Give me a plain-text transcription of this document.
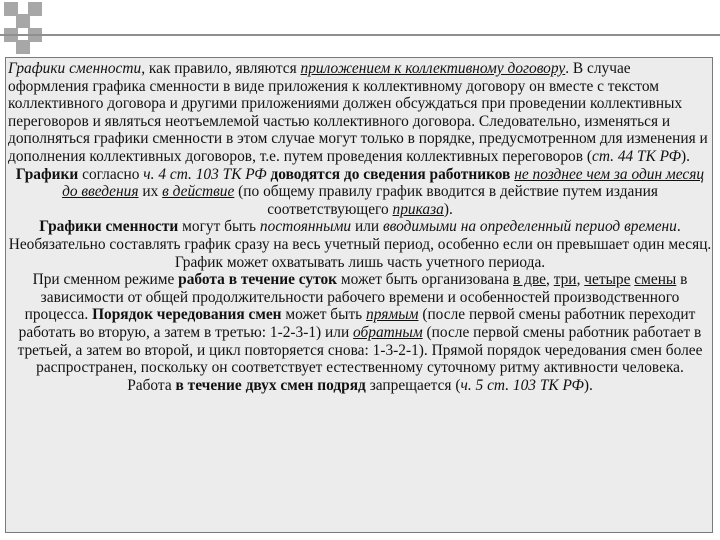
Графики сменности, как правило, являются приложением к коллективному договору. В случае оформления графика сменности в виде приложения к коллективному договору он вместе с текстом коллективного договора и другими приложениями должен обсуждаться при проведении коллективных переговоров и являться неотъемлемой частью коллективного договора. Следовательно, изменяться и дополняться графики сменности в этом случае могут только в порядке, предусмотренном для изменения и дополнения коллективных договоров, т.е. путем проведения коллективных переговоров (ст. 44 ТК РФ).

Графики согласно ч. 4 ст. 103 ТК РФ доводятся до сведения работников не позднее чем за один месяц до введения их в действие (по общему правилу график вводится в действие путем издания соответствующего приказа).

Графики сменности могут быть постоянными или вводимыми на определенный период времени. Необязательно составлять график сразу на весь учетный период, особенно если он превышает один месяц. График может охватывать лишь часть учетного периода.

При сменном режиме работа в течение суток может быть организована в две, три, четыре смены в зависимости от общей продолжительности рабочего времени и особенностей производственного процесса. Порядок чередования смен может быть прямым (после первой смены работник переходит работать во вторую, а затем в третью: 1-2-3-1) или обратным (после первой смены работник работает в третьей, а затем во второй, и цикл повторяется снова: 1-3-2-1). Прямой порядок чередования смен более распространен, поскольку он соответствует естественному суточному ритму активности человека.

Работа в течение двух смен подряд запрещается (ч. 5 ст. 103 ТК РФ).
